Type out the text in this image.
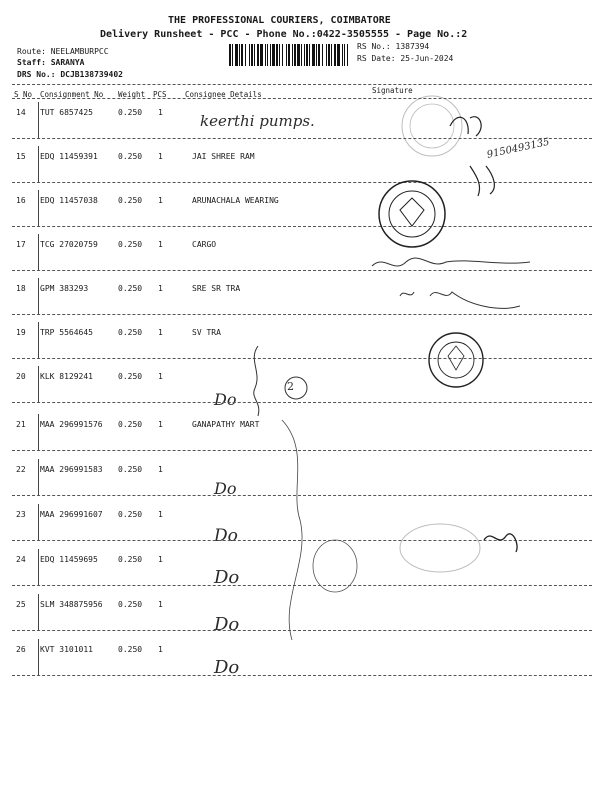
THE PROFESSIONAL COURIERS, COIMBATORE
Delivery Runsheet - PCC - Phone No.:0422-3505555 - Page No.:2
Route: NEELAMBURPCC
Staff: SARANYA
DRS No.: DCJB138739402
RS No.: 1387394
RS Date: 25-Jun-2024
S No Consignment No Weight PCS Consignee Details	Signature
14 TUT 6857425	0.250 1 keerthi pumps.
15 EDQ 11459391	0.250 1	JAI SHREE RAM
16 EDQ 11457038	0.250 1	ARUNACHALA WEARING
17 TCG 27020759	0.250 1	CARGO
18 GPM 383293	0.250 1	SRE SR TRA
19 TRP 5564645	0.250 1	SV TRA
20 KLK 8129241	0.250 1
Do
21 MAA 296991576 0.250 1	GANAPATHY MART
22 MAA 296991583 0.250 1
Do
23 MAA 296991607 0.250 1
Do
24 EDQ 11459695	0.250 1
Do
25 SLM 348875956 0.250 1
Do
26 KVT 3101011	0.250 1
Do
2
9150493135
